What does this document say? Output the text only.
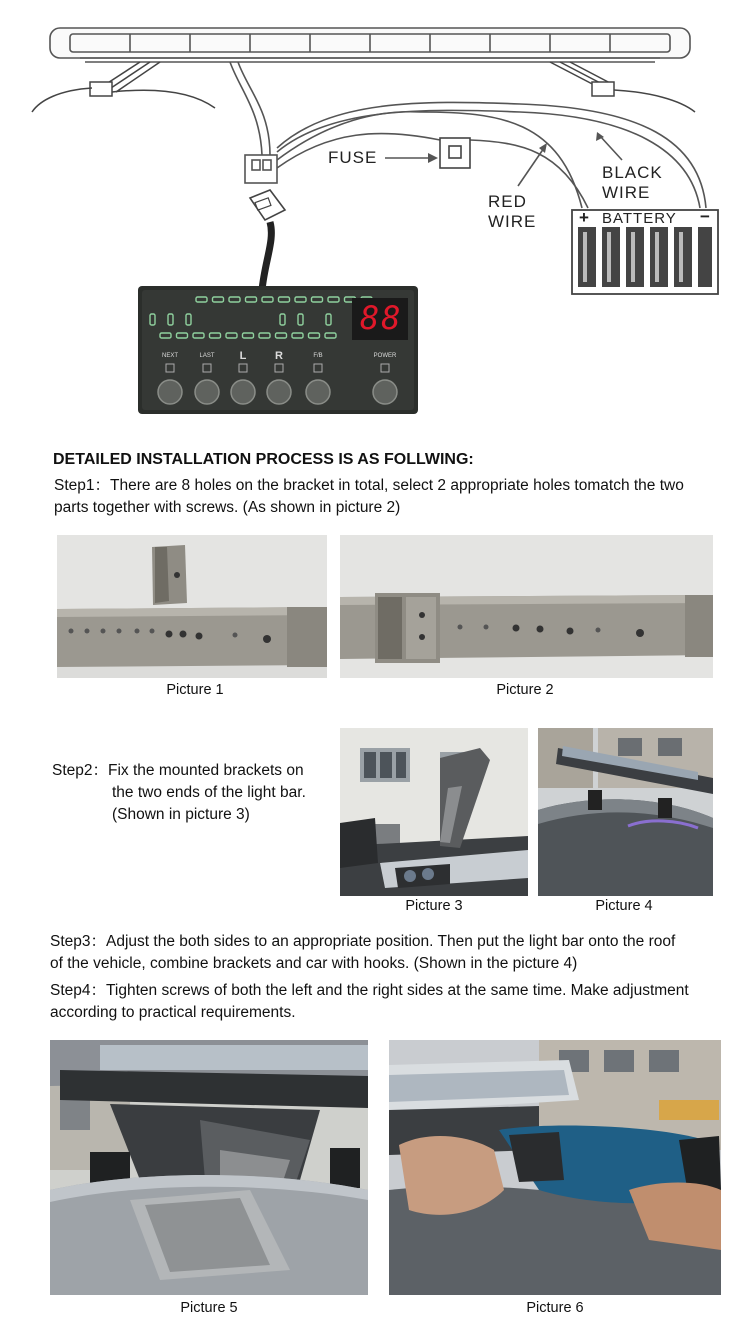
FUSE
RED
WIRE
BLACK
WIRE
+ BATTERY −
88
NEXT	LAST	L	R	F/B	POWER
DETAILED INSTALLATION PROCESS IS AS FOLLWING:
Step1：There are 8 holes on the bracket in total, select 2 appropriate holes tomatch the two
parts together with screws. (As shown in picture 2)
Picture 1	Picture 2
Step2：Fix the mounted brackets on
the two ends of the light bar.
(Shown in picture 3)
Picture 3	Picture 4
Step3：Adjust the both sides to an appropriate position. Then put the light bar onto the roof
of the vehicle, combine brackets and car with hooks. (Shown in the picture 4)
Step4：Tighten screws of both the left and the right sides at the same time. Make adjustment
according to practical requirements.
Picture 5	Picture 6
